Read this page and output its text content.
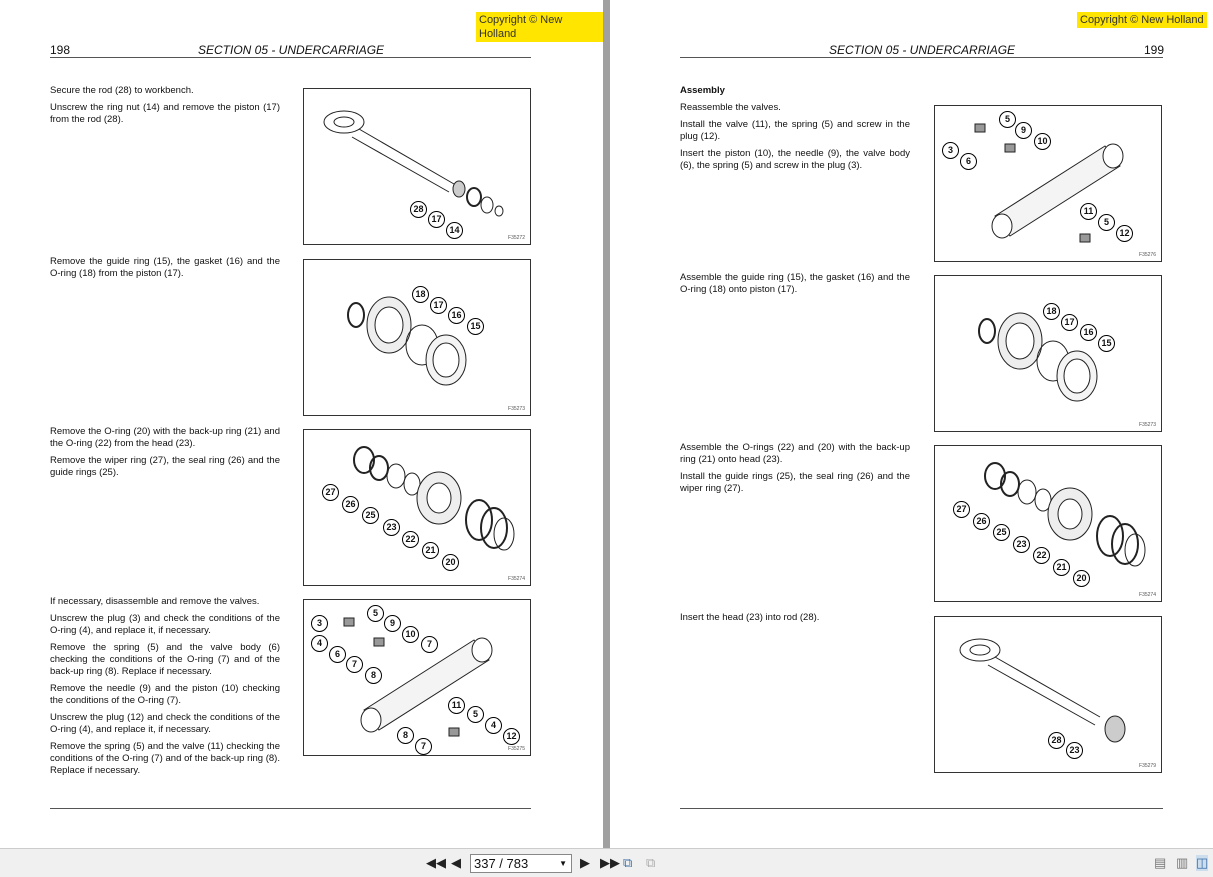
Copyright © New Holland
198	SECTION 05 - UNDERCARRIAGE

Secure the rod (28) to workbench.

Unscrew the ring nut (14) and remove the piston (17) from the rod (28).

Remove the guide ring (15), the gasket (16) and the O-ring (18) from the piston (17).

Remove the O-ring (20) with the back-up ring (21) and the O-ring (22) from the head (23).

Remove the wiper ring (27), the seal ring (26) and the guide rings (25).

If necessary, disassemble and remove the valves.

Unscrew the plug (3) and check the conditions of the O-ring (4), and replace it, if necessary.

Remove the spring (5) and the valve body (6) checking the conditions of the O-ring (7) and of the back-up ring (8). Replace if necessary.

Remove the needle (9) and the piston (10) checking the conditions of the O-ring (7).

Unscrew the plug (12) and check the conditions of the O-ring (4), and replace it, if necessary.

Remove the spring (5) and the valve (11) checking the conditions of the O-ring (7) and of the back-up ring (8). Replace if necessary.

28
17
14
F35272
18
17
16
15
F35273
27
26
25
23
22
21
20
F35274
3
4
5
9
10
6
7
8
7
11
5
4
12
8
7	F35275
Copyright © New Holland
SECTION 05 - UNDERCARRIAGE	199
Assembly

Reassemble the valves.

Install the valve (11), the spring (5) and screw in the plug (12).

Insert the piston (10), the needle (9), the valve body (6), the spring (5) and screw in the plug (3).

Assemble the guide ring (15), the gasket (16) and the O-ring (18) onto piston (17).

Assemble the O-rings (22) and (20) with the back-up ring (21) onto head (23).

Install the guide rings (25), the seal ring (26) and the wiper ring (27).

Insert the head (23) into rod (28).

3
6
5
9
10
11
5
12
F35276
18
17
16
15
F35273
27
26
25
23
22
21
20
F35274
28
23
F35279
◀◀ ◀	337 / 783	▼ ▶ ▶▶ ⧉ ⧉	▤ ▥ ◫
